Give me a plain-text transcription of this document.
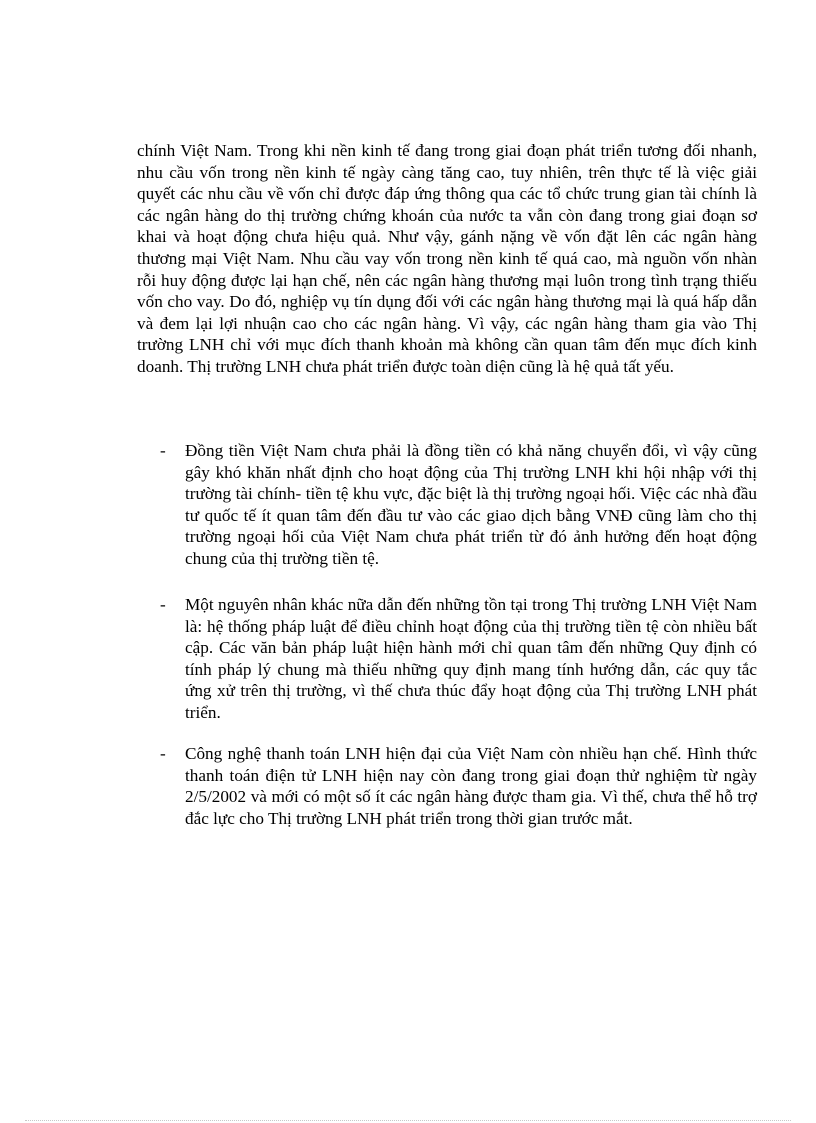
chính Việt Nam. Trong khi nền kinh tế đang trong giai đoạn phát triển tương đối nhanh, nhu cầu vốn trong nền kinh tế ngày càng tăng cao, tuy nhiên, trên thực tế là việc giải quyết các nhu cầu về vốn chỉ được đáp ứng thông qua các tổ chức trung gian tài chính là các ngân hàng do thị trường chứng khoán của nước ta vẫn còn đang trong giai đoạn sơ khai và hoạt động chưa hiệu quả. Như vậy, gánh nặng về vốn đặt lên các ngân hàng thương mại Việt Nam. Nhu cầu vay vốn trong nền kinh tế quá cao, mà nguồn vốn nhàn rỗi huy động được lại hạn chế, nên các ngân hàng thương mại luôn trong tình trạng thiếu vốn cho vay. Do đó, nghiệp vụ tín dụng đối với các ngân hàng thương mại là quá hấp dẫn và đem lại lợi nhuận cao cho các ngân hàng. Vì vậy, các ngân hàng tham gia vào Thị trường LNH chỉ với mục đích thanh khoản mà không cần quan tâm đến mục đích kinh doanh. Thị trường LNH chưa phát triển được toàn diện cũng là hệ quả tất yếu.

- Đồng tiền Việt Nam chưa phải là đồng tiền có khả năng chuyển đổi, vì vậy cũng gây khó khăn nhất định cho hoạt động của Thị trường LNH khi hội nhập với thị trường tài chính- tiền tệ khu vực, đặc biệt là thị trường ngoại hối. Việc các nhà đầu tư quốc tế ít quan tâm đến đầu tư vào các giao dịch bằng VNĐ cũng làm cho thị trường ngoại hối của Việt Nam chưa phát triển từ đó ảnh hưởng đến hoạt động chung của thị trường tiền tệ.

- Một nguyên nhân khác nữa dẫn đến những tồn tại trong Thị trường LNH Việt Nam là: hệ thống pháp luật để điều chỉnh hoạt động của thị trường tiền tệ còn nhiều bất cập. Các văn bản pháp luật hiện hành mới chỉ quan tâm đến những Quy định có tính pháp lý chung mà thiếu những quy định mang tính hướng dẫn, các quy tắc ứng xử trên thị trường, vì thế chưa thúc đẩy hoạt động của Thị trường LNH phát triển.

- Công nghệ thanh toán LNH hiện đại của Việt Nam còn nhiều hạn chế. Hình thức thanh toán điện tử LNH hiện nay còn đang trong giai đoạn thử nghiệm từ ngày 2/5/2002 và mới có một số ít các ngân hàng được tham gia. Vì thế, chưa thể hỗ trợ đắc lực cho Thị trường LNH phát triển trong thời gian trước mắt.
